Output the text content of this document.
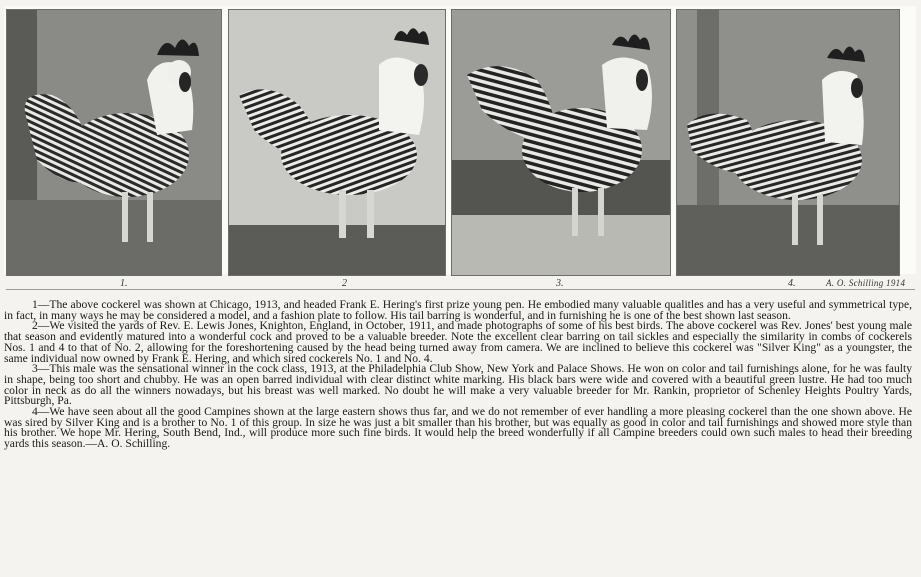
1.	2	3.	4.	A. O. Schilling 1914

1—The above cockerel was shown at Chicago, 1913, and headed Frank E. Hering's first prize young pen. He embodied many valuable qualitles and has a very useful and symmetrical type, in fact, in many ways he may be considered a model, and a fashion plate to follow. His tail barring is wonderful, and in furnishing he is one of the best shown last season.

2—We visited the yards of Rev. E. Lewis Jones, Knighton, England, in October, 1911, and made photographs of some of his best birds. The above cockerel was Rev. Jones' best young male that season and evidently matured into a wonderful cock and proved to be a valuable breeder. Note the excellent clear barring on tail sickles and especially the similarity in combs of cockerels Nos. 1 and 4 to that of No. 2, allowing for the foreshortening caused by the head being turned away from camera. We are inclined to believe this cockerel was "Silver King" as a youngster, the same individual now owned by Frank E. Hering, and which sired cockerels No. 1 and No. 4.

3—This male was the sensational winner in the cock class, 1913, at the Philadelphia Club Show, New York and Palace Shows. He won on color and tail furnishings alone, for he was faulty in shape, being too short and chubby. He was an open barred individual with clear distinct white marking. His black bars were wide and covered with a beautiful green lustre. He had too much color in neck as do all the winners nowadays, but his breast was well marked. No doubt he will make a very valuable breeder for Mr. Rankin, proprietor of Schenley Heights Poultry Yards, Pittsburgh, Pa.

4—We have seen about all the good Campines shown at the large eastern shows thus far, and we do not remember of ever handling a more pleasing cockerel than the one shown above. He was sired by Silver King and is a brother to No. 1 of this group. In size he was just a bit smaller than his brother, but was equally as good in color and tail furnishings and showed more style than his brother. We hope Mr. Hering, South Bend, Ind., will produce more such fine birds. It would help the breed wonderfully if all Campine breeders could own such males to head their breeding yards this season.—A. O. Schilling.
